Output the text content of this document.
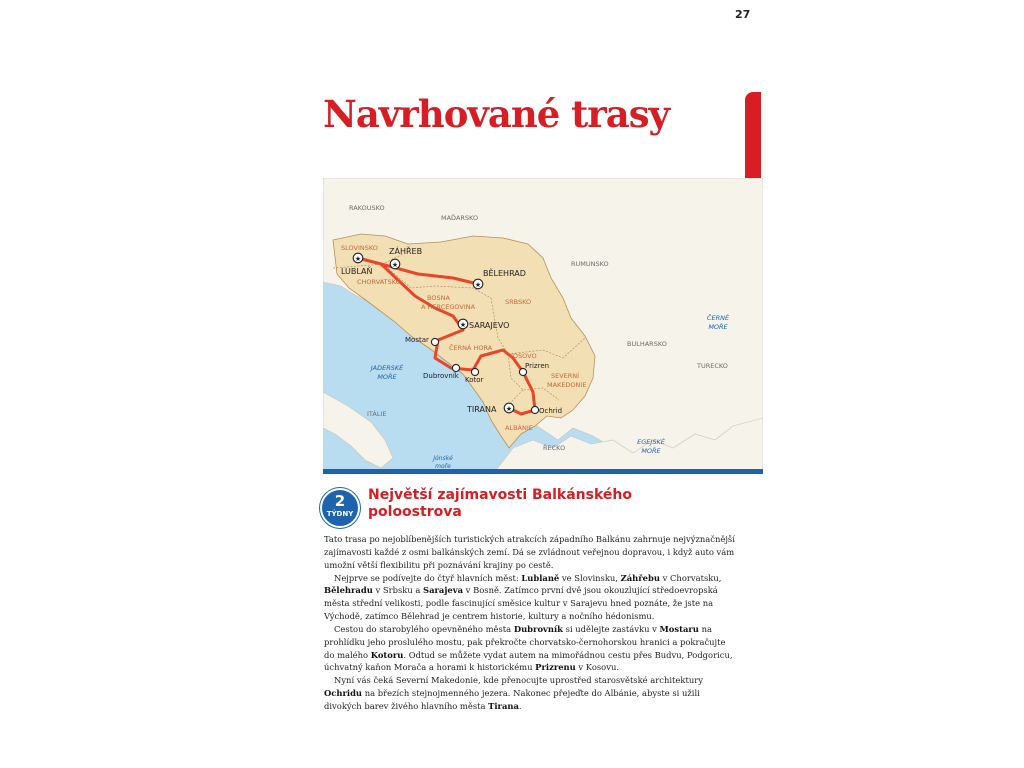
27
Navrhované trasy
★
★
★
★
★
RAKOUSKO
MAĎARSKO
SLOVINSKO
CHORVATSKO
BOSNA
A HERCEGOVINA
SRBSKO
RUMUNSKO
ČERNÁ HORA
KOSOVO
SEVERNÍ
MAKEDONIE
BULHARSKO
TURECKO
ALBÁNIE
ŘECKO
ITÁLIE
JADERSKÉ
MOŘE
ČERNÉ
MOŘE
EGEJSKÉ
MOŘE
Jónské
moře
LUBLAŇ
ZÁHŘEB
BĚLEHRAD
SARAJEVO
Mostar
Dubrovník Kotor
Prizren
TIRANA	Ochrid
2
TÝDNY
Největší zajímavosti Balkánského poloostrova

Tato trasa po nejoblíbenějších turistických atrakcích západního Balkánu zahrnuje nejvýznačnější zajímavosti každé z osmi balkánských zemí. Dá se zvládnout veřejnou dopravou, i když auto vám umožní větší flexibilitu při poznávání krajiny po cestě.

Nejprve se podívejte do čtyř hlavních měst: Lublaně ve Slovinsku, Záhřebu v Chorvatsku, Bělehradu v Srbsku a Sarajeva v Bosně. Zatímco první dvě jsou okouzlující středoevropská města střední velikosti, podle fascinující směsice kultur v Sarajevu hned poznáte, že jste na Východě, zatímco Bělehrad je centrem historie, kultury a nočního hédonismu.

Cestou do starobylého opevněného města Dubrovník si udělejte zastávku v Mostaru na prohlídku jeho proslulého mostu, pak překročte chorvatsko-černohorskou hranici a pokračujte do malého Kotoru. Odtud se můžete vydat autem na mimořádnou cestu přes Budvu, Podgoricu, úchvatný kaňon Morača a horami k historickému Prizrenu v Kosovu.

Nyní vás čeká Severní Makedonie, kde přenocujte uprostřed starosvětské architektury Ochridu na březích stejnojmenného jezera. Nakonec přejeďte do Albánie, abyste si užili divokých barev živého hlavního města Tirana.
